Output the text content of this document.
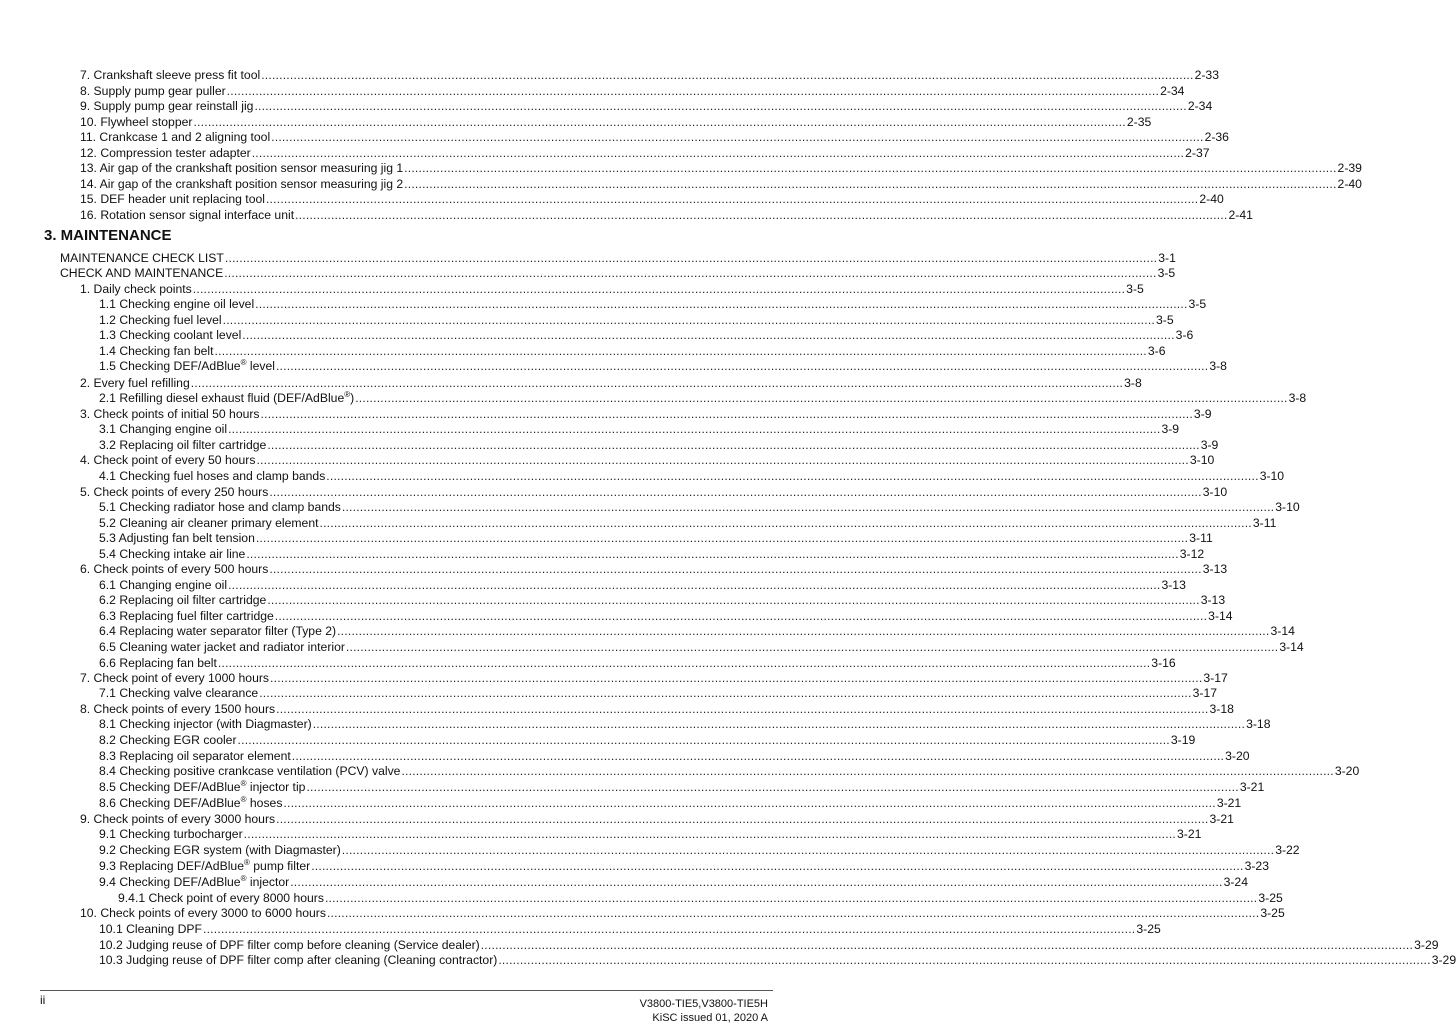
7. Crankshaft sleeve press fit tool .................................................................................................................................................................................................................................................................... 2-33
8. Supply pump gear puller .................................................................................................................................................................................................................................................................... 2-34
9. Supply pump gear reinstall jig .................................................................................................................................................................................................................................................................... 2-34
10. Flywheel stopper .................................................................................................................................................................................................................................................................... 2-35
11. Crankcase 1 and 2 aligning tool .................................................................................................................................................................................................................................................................... 2-36
12. Compression tester adapter .................................................................................................................................................................................................................................................................... 2-37
13. Air gap of the crankshaft position sensor measuring jig 1 .................................................................................................................................................................................................................................................................... 2-39
14. Air gap of the crankshaft position sensor measuring jig 2 .................................................................................................................................................................................................................................................................... 2-40
15. DEF header unit replacing tool .................................................................................................................................................................................................................................................................... 2-40
16. Rotation sensor signal interface unit .................................................................................................................................................................................................................................................................... 2-41
MAINTENANCE CHECK LIST .................................................................................................................................................................................................................................................................... 3-1
CHECK AND MAINTENANCE .................................................................................................................................................................................................................................................................... 3-5
1. Daily check points .................................................................................................................................................................................................................................................................... 3-5
1.1 Checking engine oil level .................................................................................................................................................................................................................................................................... 3-5
1.2 Checking fuel level .................................................................................................................................................................................................................................................................... 3-5
1.3 Checking coolant level .................................................................................................................................................................................................................................................................... 3-6
1.4 Checking fan belt .................................................................................................................................................................................................................................................................... 3-6
1.5 Checking DEF/AdBlue® level .................................................................................................................................................................................................................................................................... 3-8
2. Every fuel refilling .................................................................................................................................................................................................................................................................... 3-8
2.1 Refilling diesel exhaust fluid (DEF/AdBlue®) .................................................................................................................................................................................................................................................................... 3-8
3. Check points of initial 50 hours .................................................................................................................................................................................................................................................................... 3-9
3.1 Changing engine oil .................................................................................................................................................................................................................................................................... 3-9
3.2 Replacing oil filter cartridge .................................................................................................................................................................................................................................................................... 3-9
4. Check point of every 50 hours .................................................................................................................................................................................................................................................................... 3-10
4.1 Checking fuel hoses and clamp bands .................................................................................................................................................................................................................................................................... 3-10
5. Check points of every 250 hours .................................................................................................................................................................................................................................................................... 3-10
5.1 Checking radiator hose and clamp bands .................................................................................................................................................................................................................................................................... 3-10
5.2 Cleaning air cleaner primary element .................................................................................................................................................................................................................................................................... 3-11
5.3 Adjusting fan belt tension .................................................................................................................................................................................................................................................................... 3-11
5.4 Checking intake air line .................................................................................................................................................................................................................................................................... 3-12
6. Check points of every 500 hours .................................................................................................................................................................................................................................................................... 3-13
6.1 Changing engine oil .................................................................................................................................................................................................................................................................... 3-13
6.2 Replacing oil filter cartridge .................................................................................................................................................................................................................................................................... 3-13
6.3 Replacing fuel filter cartridge .................................................................................................................................................................................................................................................................... 3-14
6.4 Replacing water separator filter (Type 2) .................................................................................................................................................................................................................................................................... 3-14
6.5 Cleaning water jacket and radiator interior .................................................................................................................................................................................................................................................................... 3-14
6.6 Replacing fan belt .................................................................................................................................................................................................................................................................... 3-16
7. Check point of every 1000 hours .................................................................................................................................................................................................................................................................... 3-17
7.1 Checking valve clearance .................................................................................................................................................................................................................................................................... 3-17
8. Check points of every 1500 hours .................................................................................................................................................................................................................................................................... 3-18
8.1 Checking injector (with Diagmaster) .................................................................................................................................................................................................................................................................... 3-18
8.2 Checking EGR cooler .................................................................................................................................................................................................................................................................... 3-19
8.3 Replacing oil separator element .................................................................................................................................................................................................................................................................... 3-20
8.4 Checking positive crankcase ventilation (PCV) valve .................................................................................................................................................................................................................................................................... 3-20
8.5 Checking DEF/AdBlue® injector tip .................................................................................................................................................................................................................................................................... 3-21
8.6 Checking DEF/AdBlue® hoses .................................................................................................................................................................................................................................................................... 3-21
9. Check points of every 3000 hours .................................................................................................................................................................................................................................................................... 3-21
9.1 Checking turbocharger .................................................................................................................................................................................................................................................................... 3-21
9.2 Checking EGR system (with Diagmaster) .................................................................................................................................................................................................................................................................... 3-22
9.3 Replacing DEF/AdBlue® pump filter .................................................................................................................................................................................................................................................................... 3-23
9.4 Checking DEF/AdBlue® injector .................................................................................................................................................................................................................................................................... 3-24
9.4.1 Check point of every 8000 hours .................................................................................................................................................................................................................................................................... 3-25
10. Check points of every 3000 to 6000 hours .................................................................................................................................................................................................................................................................... 3-25
10.1 Cleaning DPF .................................................................................................................................................................................................................................................................... 3-25
10.2 Judging reuse of DPF filter comp before cleaning (Service dealer) .................................................................................................................................................................................................................................................................... 3-29
10.3 Judging reuse of DPF filter comp after cleaning (Cleaning contractor) .................................................................................................................................................................................................................................................................... 3-29
3. MAINTENANCE
ii	V3800-TIE5,V3800-TIE5H
KiSC issued 01, 2020 A
